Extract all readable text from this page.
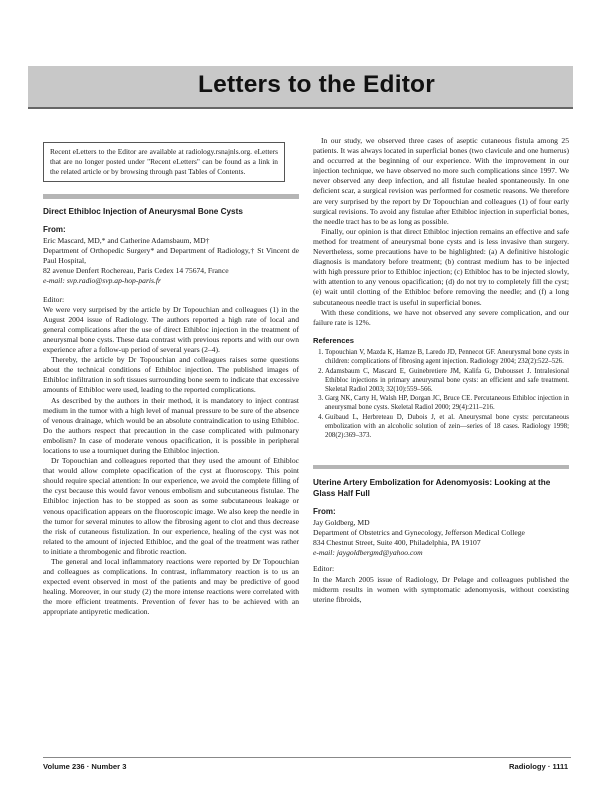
Letters to the Editor

Recent eLetters to the Editor are available at radiology.rsnajnls.org. eLetters that are no longer posted under "Recent eLetters" can be found as a link in the related article or by browsing through past Tables of Contents.

Direct Ethibloc Injection of Aneurysmal Bone Cysts
From:

Eric Mascard, MD,* and Catherine Adamsbaum, MD†

Department of Orthopedic Surgery* and Department of Radiology,† St Vincent de Paul Hospital,

82 avenue Denfert Rochereau, Paris Cedex 14 75674, France

e-mail: svp.radio@svp.ap-hop-paris.fr

Editor:

We were very surprised by the article by Dr Topouchian and colleagues (1) in the August 2004 issue of Radiology. The authors reported a high rate of local and general complications after the use of direct Ethibloc injection in the treatment of aneurysmal bone cysts. These data contrast with previous reports and with our own experience after a follow-up period of several years (2–4).

Thereby, the article by Dr Topouchian and colleagues raises some questions about the technical conditions of Ethibloc injection. The published images of Ethibloc infiltration in soft tissues surrounding bone seem to indicate that excessive amounts of Ethibloc were used, leading to the reported complications.

As described by the authors in their method, it is mandatory to inject contrast medium in the tumor with a high level of manual pressure to be sure of the absence of venous drainage, which would be an absolute contraindication to using Ethibloc. Do the authors respect that precaution in the case complicated with pulmonary embolism? In case of moderate venous opacification, it is possible in peripheral locations to use a tourniquet during the Ethibloc injection.

Dr Topouchian and colleagues reported that they used the amount of Ethibloc that would allow complete opacification of the cyst at fluoroscopy. This point should require special attention: In our experience, we avoid the complete filling of the cyst because this would favor venous embolism and subcutaneous fistulae. The Ethibloc injection has to be stopped as soon as some subcutaneous leakage or venous opacification appears on the fluoroscopic image. We also keep the needle in the tumor for several minutes to allow the fibrosing agent to clot and thus decrease the risk of cutaneous fistulization. In our experience, healing of the cyst was not related to the amount of injected Ethibloc, and the goal of the treatment was rather to initiate a thrombogenic and fibrotic reaction.

The general and local inflammatory reactions were reported by Dr Topouchian and colleagues as complications. In contrast, inflammatory reaction is to us an expected event observed in most of the patients and may be predictive of good healing. Moreover, in our study (2) the more intense reactions were correlated with the more efficient treatments. Prevention of fever has to be achieved with an appropriate antipyretic medication.

In our study, we observed three cases of aseptic cutaneous fistula among 25 patients. It was always located in superficial bones (two clavicule and one humerus) and occurred at the beginning of our experience. With the improvement in our injection technique, we have observed no more such complications since 1997. We never observed any deep infection, and all fistulae healed spontaneously. In one deficient scar, a surgical revision was performed for cosmetic reasons. We therefore are very surprised by the report by Dr Topouchian and colleagues (1) of four early surgical revisions. To avoid any fistulae after Ethibloc injection in superficial bones, the needle tract has to be as long as possible.

Finally, our opinion is that direct Ethibloc injection remains an effective and safe method for treatment of aneurysmal bone cysts and is less invasive than surgery. Nevertheless, some precautions have to be highlighted: (a) A definitive histologic diagnosis is mandatory before treatment; (b) contrast medium has to be injected with high pressure prior to Ethibloc injection; (c) Ethibloc has to be injected slowly, with attention to any venous opacification; (d) do not try to completely fill the cyst; (e) wait until clotting of the Ethibloc before removing the needle; and (f) a long subcutaneous needle tract is useful in superficial bones.

With these conditions, we have not observed any severe complication, and our failure rate is 12%.

References
1. Topouchian V, Mazda K, Hamze B, Laredo JD, Penneсot GF. Aneurysmal bone cysts in children: complications of fibrosing agent injection. Radiology 2004; 232(2):522–526.
2. Adamsbaum C, Mascard E, Guinebretiere JM, Kalifa G, Dubousset J. Intralesional Ethibloc injections in primary aneurysmal bone cysts: an efficient and safe treatment. Skeletal Radiol 2003; 32(10):559–566.
3. Garg NK, Carty H, Walsh HP, Dorgan JC, Bruce CE. Percutaneous Ethibloc injection in aneurysmal bone cysts. Skeletal Radiol 2000; 29(4):211–216.
4. Guibaud L, Herbreteau D, Dubois J, et al. Aneurysmal bone cysts: percutaneous embolization with an alcoholic solution of zein—series of 18 cases. Radiology 1998; 208(2):369–373.
Uterine Artery Embolization for Adenomyosis: Looking at the Glass Half Full
From:

Jay Goldberg, MD

Department of Obstetrics and Gynecology, Jefferson Medical College

834 Chestnut Street, Suite 400, Philadelphia, PA 19107

e-mail: jaygoldbergmd@yahoo.com

Editor:

In the March 2005 issue of Radiology, Dr Pelage and colleagues published the midterm results in women with symptomatic adenomyosis, without coexisting uterine fibroids,

Volume 236 · Number 3	Radiology · 1111
